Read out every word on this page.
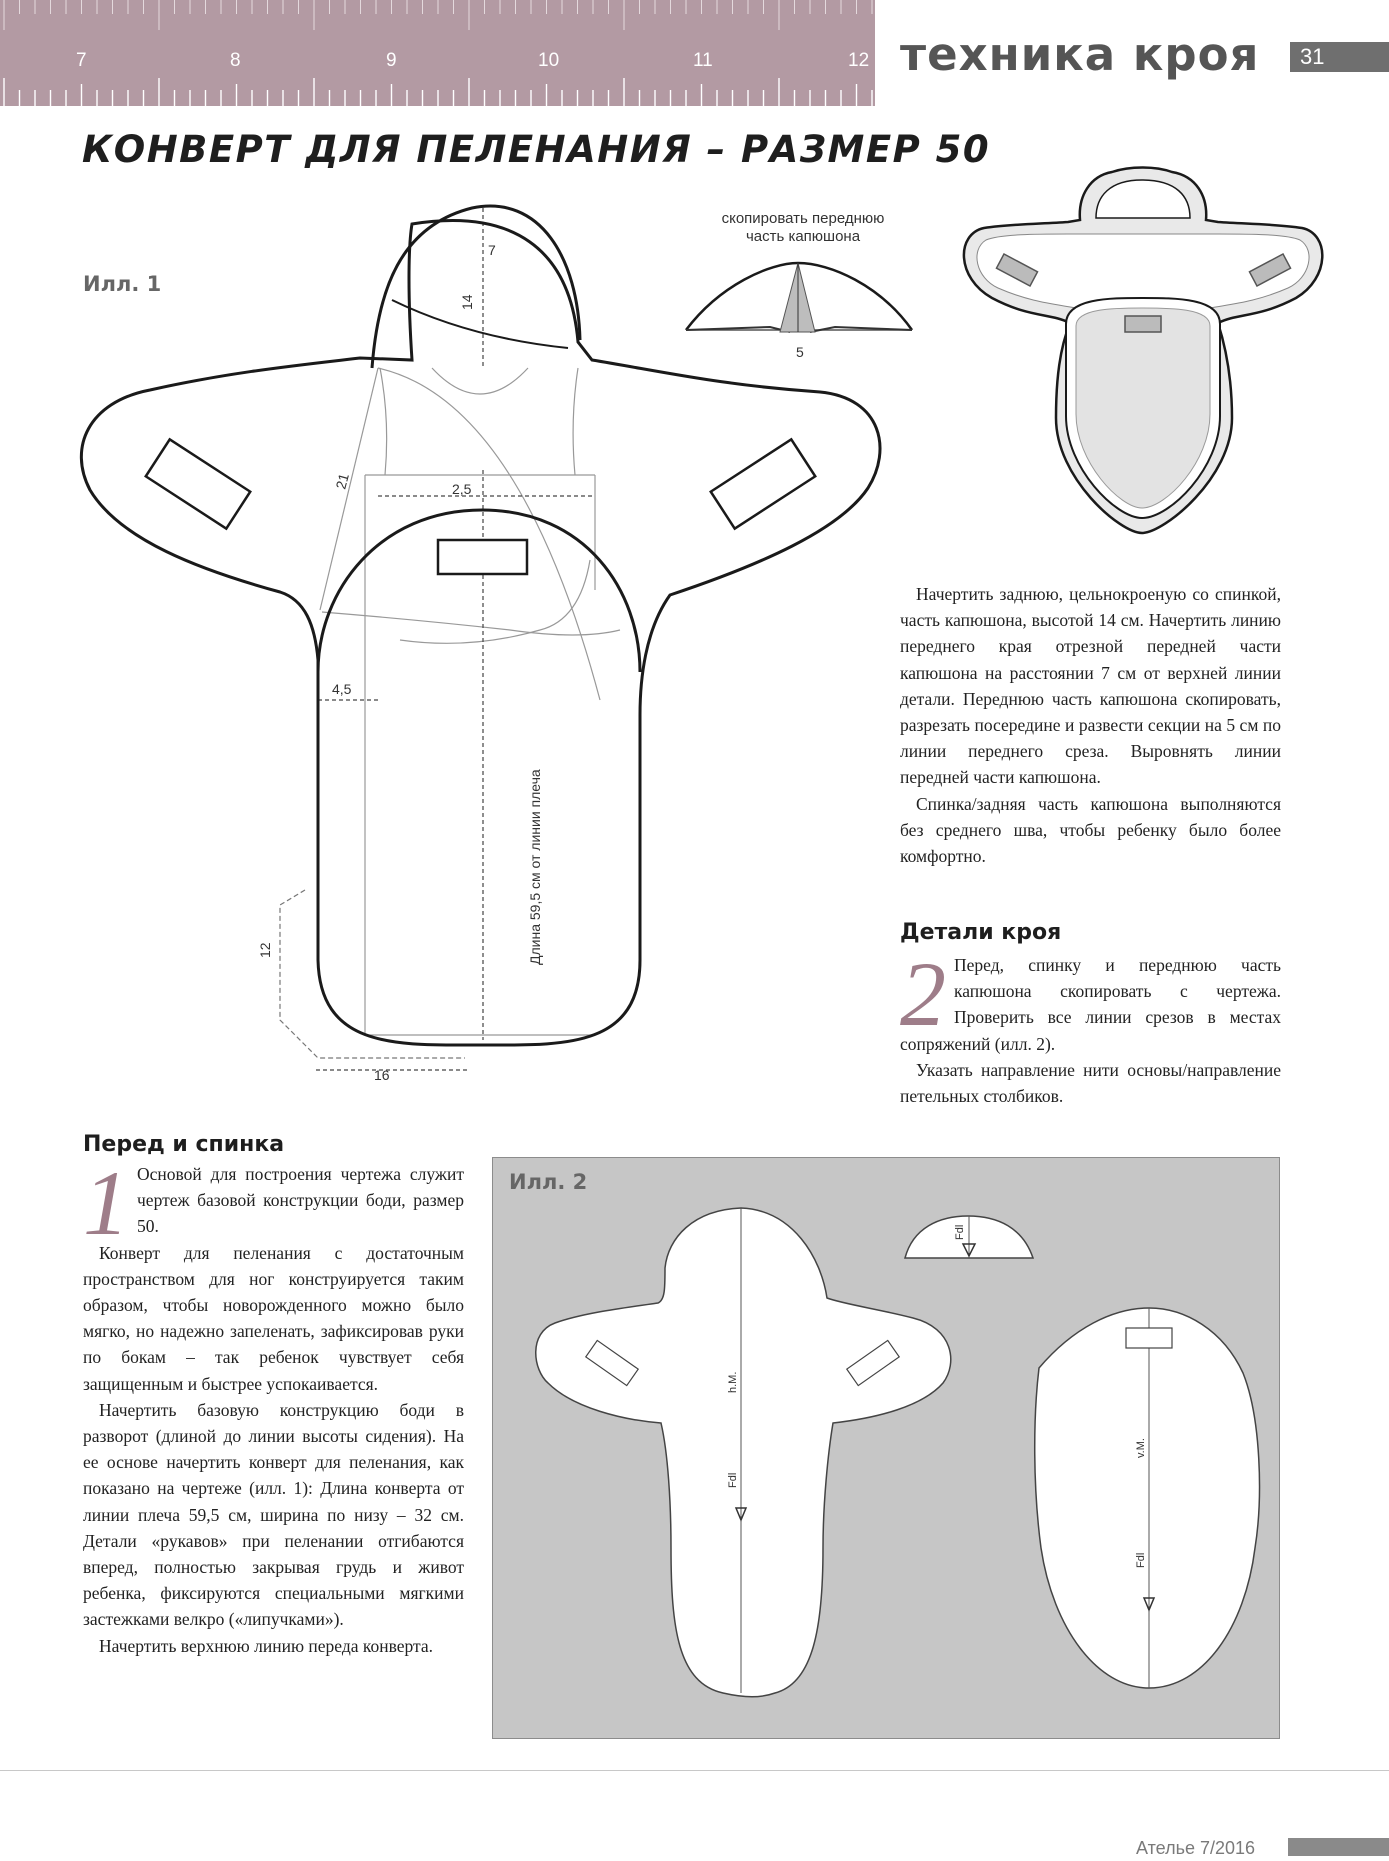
7	8	9	10	11	12 техника кроя	31
КОНВЕРТ ДЛЯ ПЕЛЕНАНИЯ – РАЗМЕР 50
Илл. 1
7
14
21	2,5
4,5
Длина 59,5 см от линии плеча
12
16
скопировать переднюю
часть капюшона
5

Начертить заднюю, цельнокроеную со спинкой, часть капюшона, высотой 14 см. Начертить линию переднего края отрезной передней части капюшона на расстоянии 7 см от верхней линии детали. Переднюю часть капюшона скопировать, разрезать посередине и развести секции на 5 см по линии переднего среза. Выровнять линии передней части капюшона.

Спинка/задняя часть капюшона выполняются без среднего шва, чтобы ребенку было более комфортно.

Детали кроя
2 Перед, спинку и переднюю часть капюшона скопировать с чертежа. Проверить все линии срезов в местах сопряжений (илл. 2).

Указать направление нити основы/направление петельных столбиков.

Перед и спинка
1 Основой для построения чертежа служит чертеж базовой конструкции боди, размер 50.

Конверт для пеленания с достаточным пространством для ног конструируется таким образом, чтобы новорожденного можно было мягко, но надежно запеленать, зафиксировав руки по бокам – так ребенок чувствует себя защищенным и быстрее успокаивается.

Начертить базовую конструкцию боди в разворот (длиной до линии высоты сидения). На ее основе начертить конверт для пеленания, как показано на чертеже (илл. 1): Длина конверта от линии плеча 59,5 см, ширина по низу – 32 см. Детали «рукавов» при пеленании отгибаются вперед, полностью закрывая грудь и живот ребенка, фиксируются специальными мягкими застежками велкро («липучками»).

Начертить верхнюю линию переда конверта.

Илл. 2
h.M.
Fdl
Fdl
v.M.
Fdl
Ателье 7/2016
